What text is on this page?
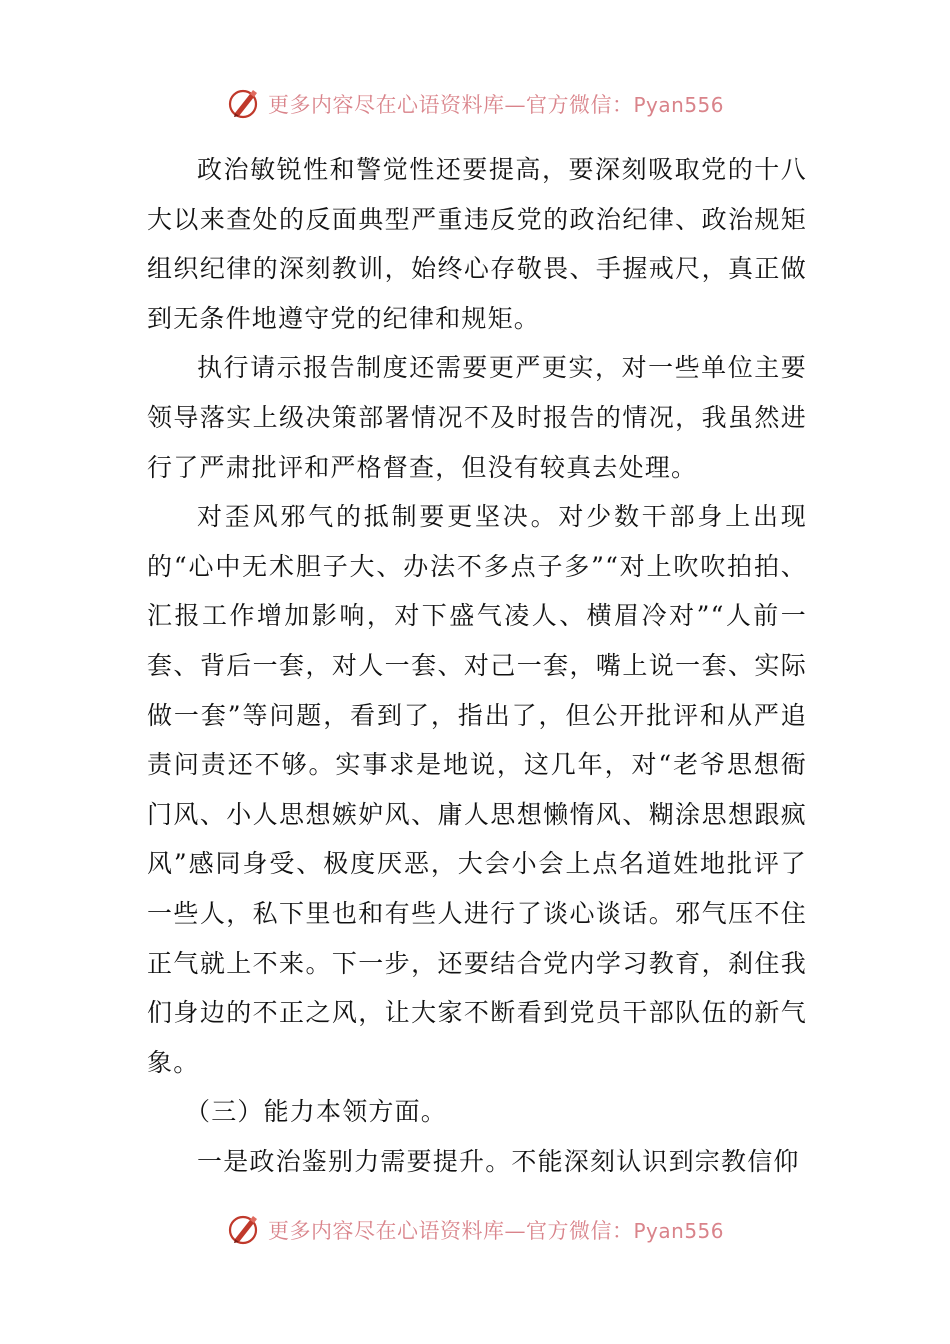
更多内容尽在心语资料库—官方微信：Pyan556

政治敏锐性和警觉性还要提高，要深刻吸取党的十八大以来查处的反面典型严重违反党的政治纪律、政治规矩组织纪律的深刻教训，始终心存敬畏、手握戒尺，真正做到无条件地遵守党的纪律和规矩。

执行请示报告制度还需要更严更实，对一些单位主要领导落实上级决策部署情况不及时报告的情况，我虽然进行了严肃批评和严格督查，但没有较真去处理。

对歪风邪气的抵制要更坚决。对少数干部身上出现的“心中无术胆子大、办法不多点子多”“对上吹吹拍拍、汇报工作增加影响，对下盛气凌人、横眉冷对”“人前一套、背后一套，对人一套、对己一套，嘴上说一套、实际做一套”等问题，看到了，指出了，但公开批评和从严追责问责还不够。实事求是地说，这几年，对“老爷思想衙门风、小人思想嫉妒风、庸人思想懒惰风、糊涂思想跟疯风”感同身受、极度厌恶，大会小会上点名道姓地批评了一些人，私下里也和有些人进行了谈心谈话。邪气压不住正气就上不来。下一步，还要结合党内学习教育，刹住我们身边的不正之风，让大家不断看到党员干部队伍的新气象。

（三）能力本领方面。

一是政治鉴别力需要提升。不能深刻认识到宗教信仰

更多内容尽在心语资料库—官方微信：Pyan556
